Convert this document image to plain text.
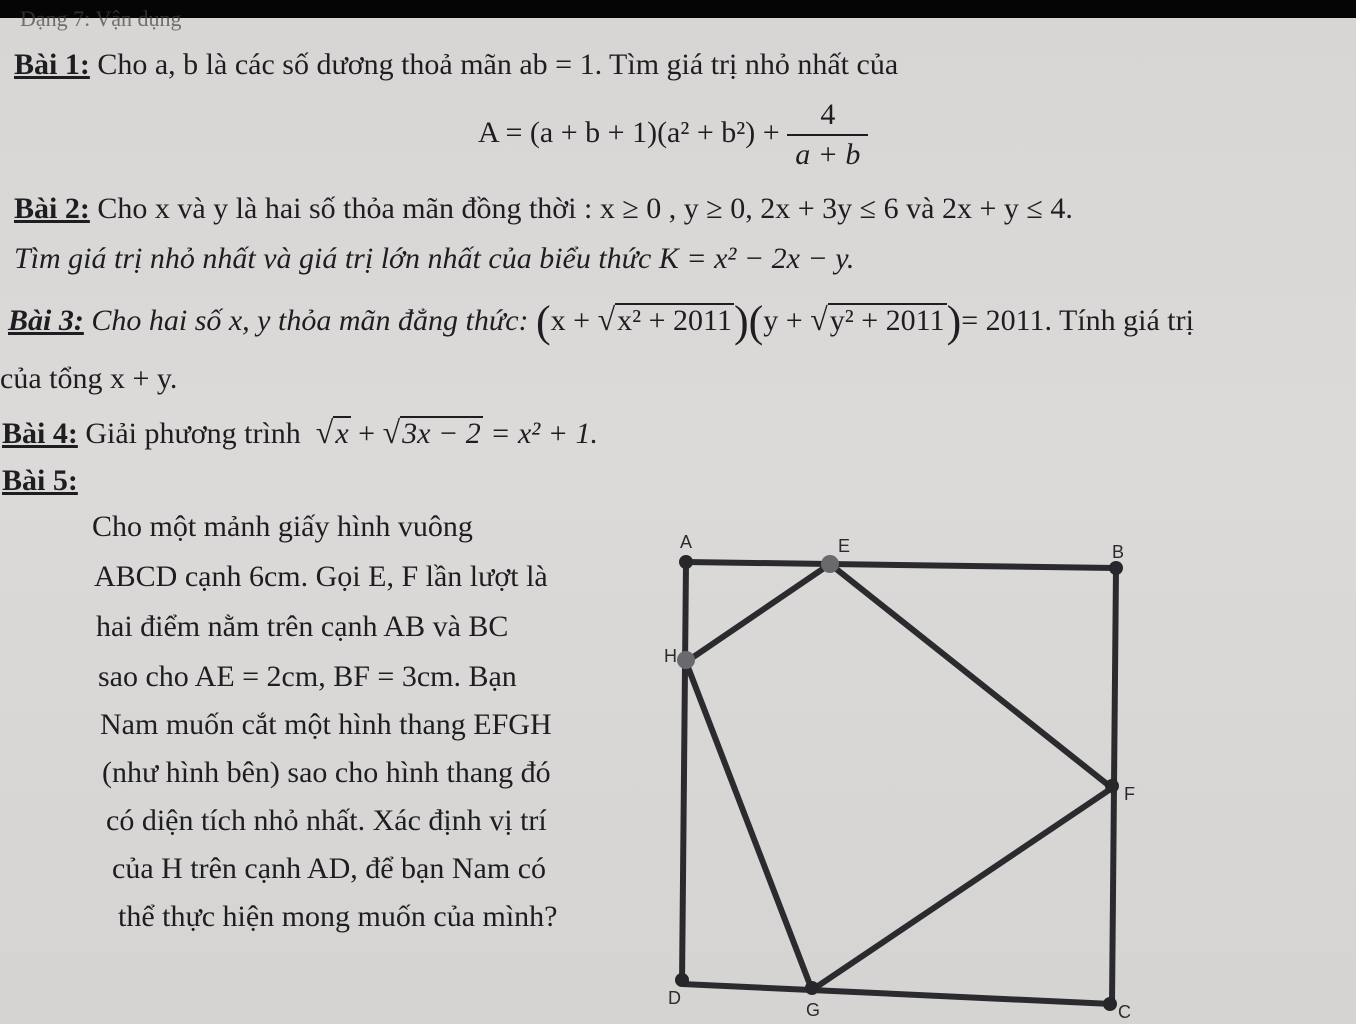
Dạng 7: Vận dụng
Bài 1: Cho a, b là các số dương thoả mãn ab = 1. Tìm giá trị nhỏ nhất của
$A = (a + b + 1)(a^2 + b^2) + \frac{4}{a + b}$
Bài 2: Cho x và y là hai số thỏa mãn đồng thời : x ≥ 0 , y ≥ 0, 2x + 3y ≤ 6 và 2x + y ≤ 4.
Tìm giá trị nhỏ nhất và giá trị lớn nhất của biểu thức K = x² − 2x − y.
Bài 3: Cho hai số x, y thỏa mãn đẳng thức: (x + √x² + 2011)(y + √y² + 2011)= 2011. Tính giá trị
của tổng x + y.
Bài 4: Giải phương trình √x + √3x − 2 = x² + 1.
Bài 5:
Cho một mảnh giấy hình vuông
ABCD cạnh 6cm. Gọi E, F lần lượt là
hai điểm nằm trên cạnh AB và BC
sao cho AE = 2cm, BF = 3cm. Bạn
Nam muốn cắt một hình thang EFGH
(như hình bên) sao cho hình thang đó
có diện tích nhỏ nhất. Xác định vị trí
của H trên cạnh AD, để bạn Nam có
thể thực hiện mong muốn của mình?
A	E	B
H
F
D
G	C
